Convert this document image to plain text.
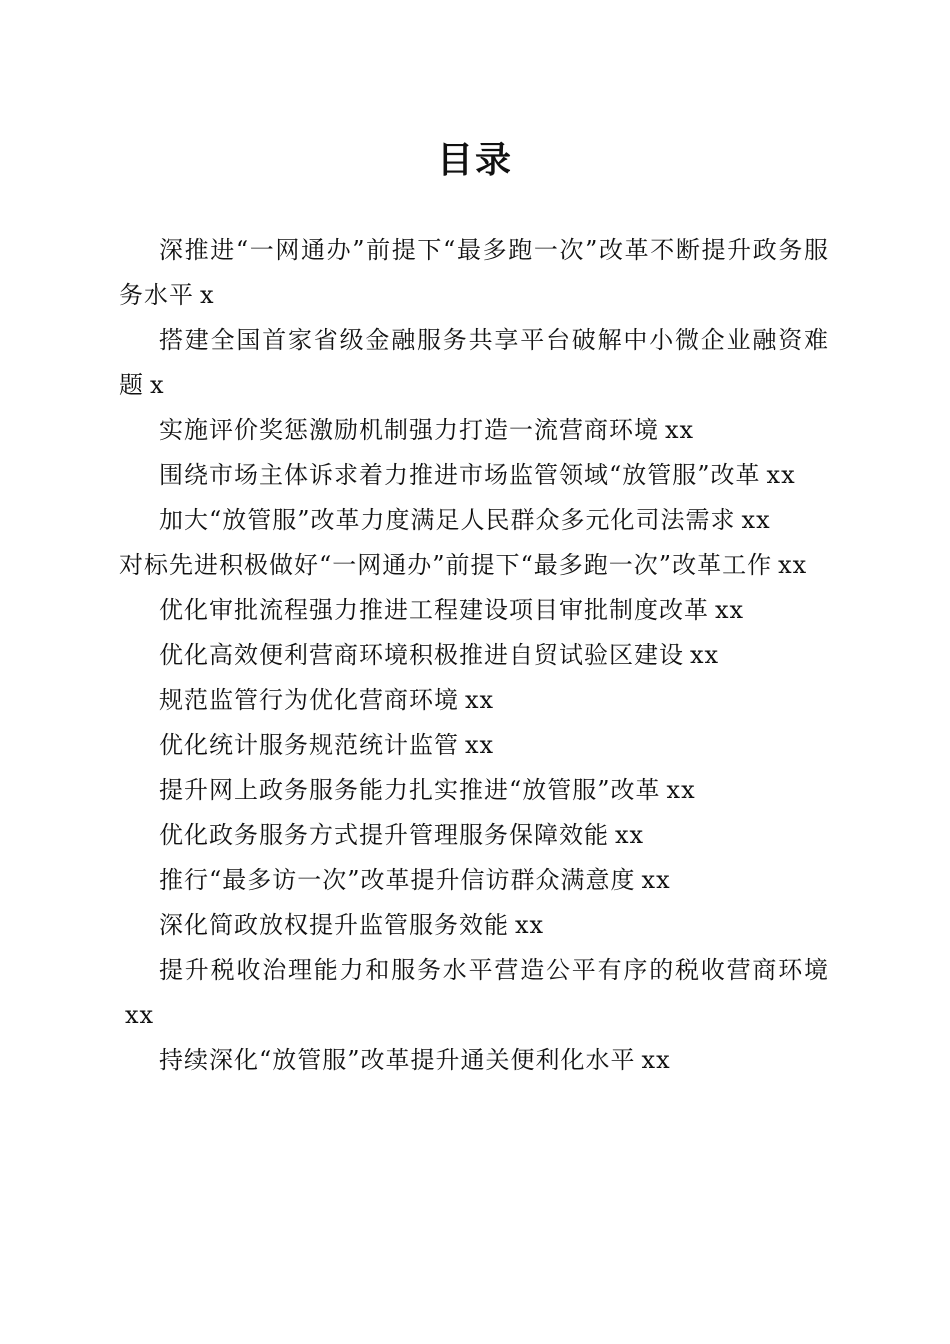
目录
深推进“一网通办”前提下“最多跑一次”改革不断提升政务服务水平 x
搭建全国首家省级金融服务共享平台破解中小微企业融资难题 x
实施评价奖惩激励机制强力打造一流营商环境 xx
围绕市场主体诉求着力推进市场监管领域“放管服”改革 xx
加大“放管服”改革力度满足人民群众多元化司法需求 xx
对标先进积极做好“一网通办”前提下“最多跑一次”改革工作 xx
优化审批流程强力推进工程建设项目审批制度改革 xx
优化高效便利营商环境积极推进自贸试验区建设 xx
规范监管行为优化营商环境 xx
优化统计服务规范统计监管 xx
提升网上政务服务能力扎实推进“放管服”改革 xx
优化政务服务方式提升管理服务保障效能 xx
推行“最多访一次”改革提升信访群众满意度 xx
深化简政放权提升监管服务效能 xx
提升税收治理能力和服务水平营造公平有序的税收营商环境xx
持续深化“放管服”改革提升通关便利化水平 xx
